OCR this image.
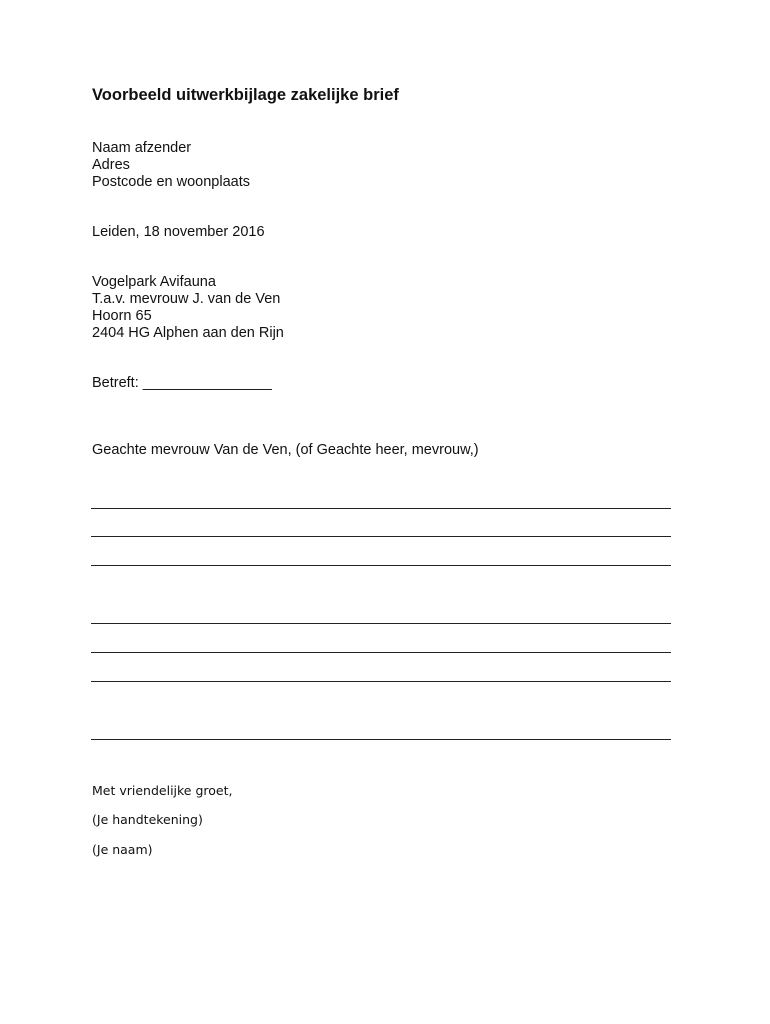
Voorbeeld uitwerkbijlage zakelijke brief
Naam afzender
Adres
Postcode en woonplaats
Leiden, 18 november 2016
Vogelpark Avifauna
T.a.v. mevrouw J. van de Ven
Hoorn 65
2404 HG Alphen aan den Rijn
Betreft: ________________
Geachte mevrouw Van de Ven, (of Geachte heer, mevrouw,)
Met vriendelijke groet,
(Je handtekening)
(Je naam)
